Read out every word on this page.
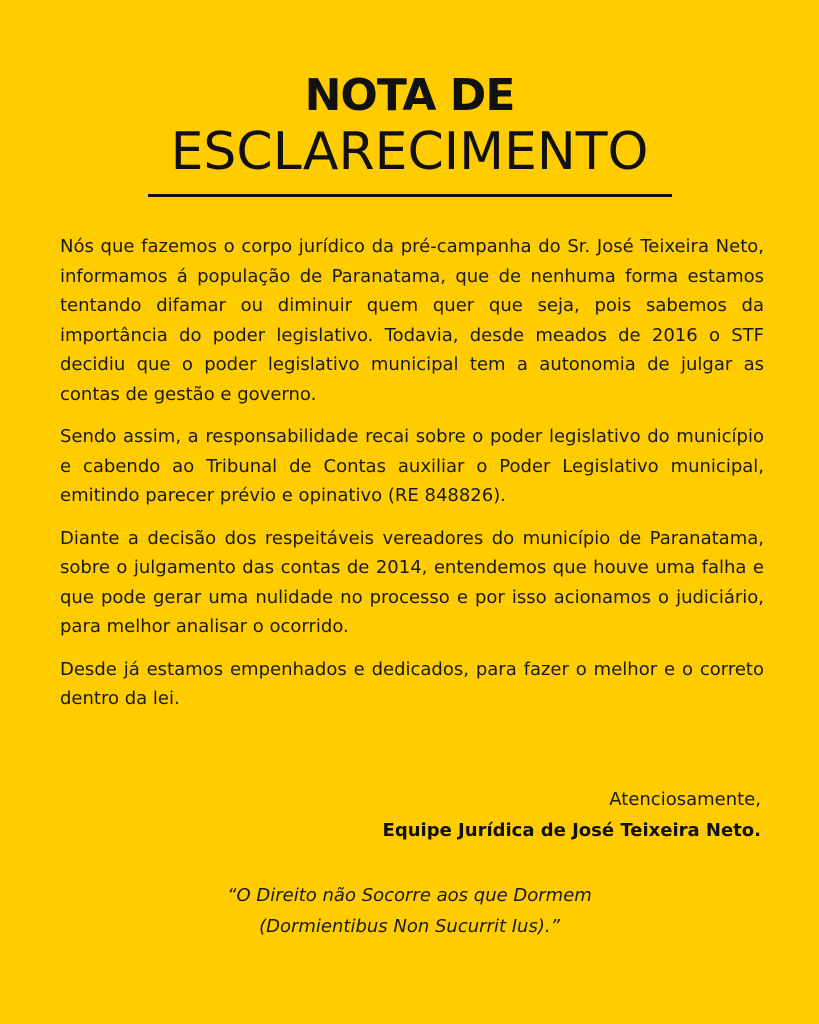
NOTA DE
ESCLARECIMENTO

Nós que fazemos o corpo jurídico da pré-campanha do Sr. José Teixeira Neto, informamos á população de Paranatama, que de nenhuma forma estamos tentando difamar ou diminuir quem quer que seja, pois sabemos da importância do poder legislativo. Todavia, desde meados de 2016 o STF decidiu que o poder legislativo municipal tem a autonomia de julgar as contas de gestão e governo.

Sendo assim, a responsabilidade recai sobre o poder legislativo do município e cabendo ao Tribunal de Contas auxiliar o Poder Legislativo municipal, emitindo parecer prévio e opinativo (RE 848826).

Diante a decisão dos respeitáveis vereadores do município de Paranatama, sobre o julgamento das contas de 2014, entendemos que houve uma falha e que pode gerar uma nulidade no processo e por isso acionamos o judiciário, para melhor analisar o ocorrido.

Desde já estamos empenhados e dedicados, para fazer o melhor e o correto dentro da lei.

Atenciosamente,
Equipe Jurídica de José Teixeira Neto.
“O Direito não Socorre aos que Dormem
(Dormientibus Non Sucurrit Ius).”
